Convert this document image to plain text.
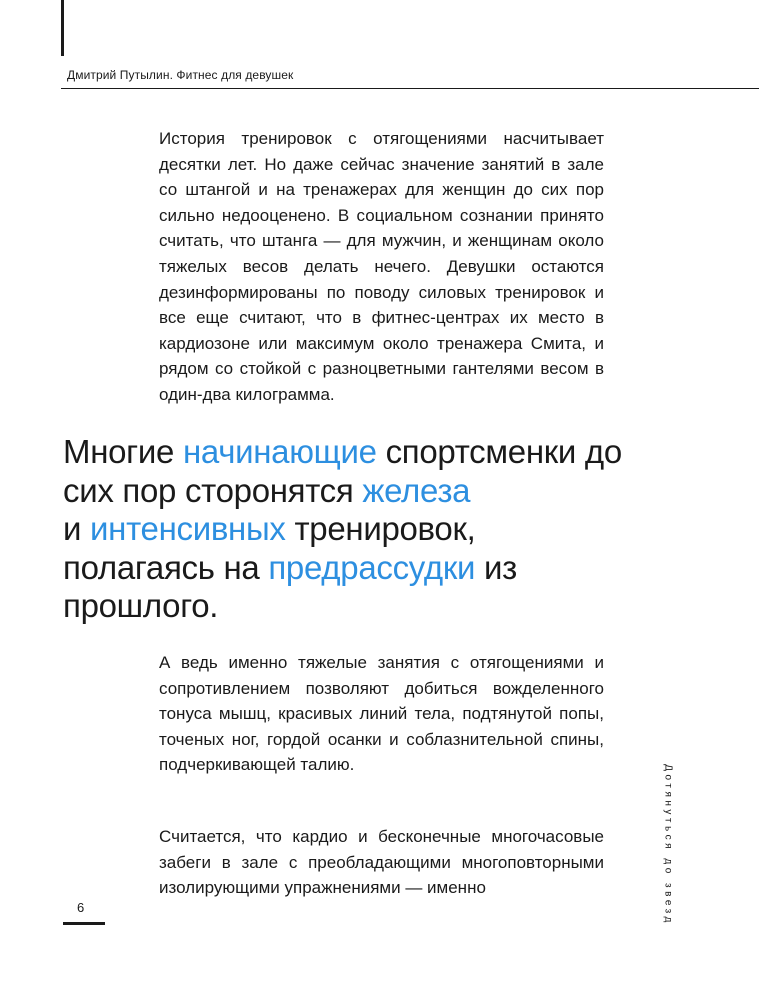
Дмитрий Путылин. Фитнес для девушек

История тренировок с отягощениями насчитывает десятки лет. Но даже сейчас значение занятий в зале со штангой и на тренажерах для женщин до сих пор сильно недооценено. В социальном сознании принято считать, что штанга — для мужчин, и женщинам около тяжелых весов делать нечего. Девушки остаются дезинформированы по поводу силовых тренировок и все еще считают, что в фитнес-центрах их место в кардиозоне или максимум около тренажера Смита, и рядом со стойкой с разноцветными гантелями весом в один-два килограмма.

Многие начинающие спортсменки до сих пор сторонятся железа
и интенсивных тренировок, полагаясь на предрассудки из прошлого.

А ведь именно тяжелые занятия с отягощениями и сопротивлением позволяют добиться вожделенного тонуса мышц, красивых линий тела, подтянутой попы, точеных ног, гордой осанки и соблазнительной спины, подчеркивающей талию.

Считается, что кардио и бесконечные многочасовые забеги в зале с преобладающими многоповторными изолирующими упражнениями — именно

6	Дотянуться до звезд
